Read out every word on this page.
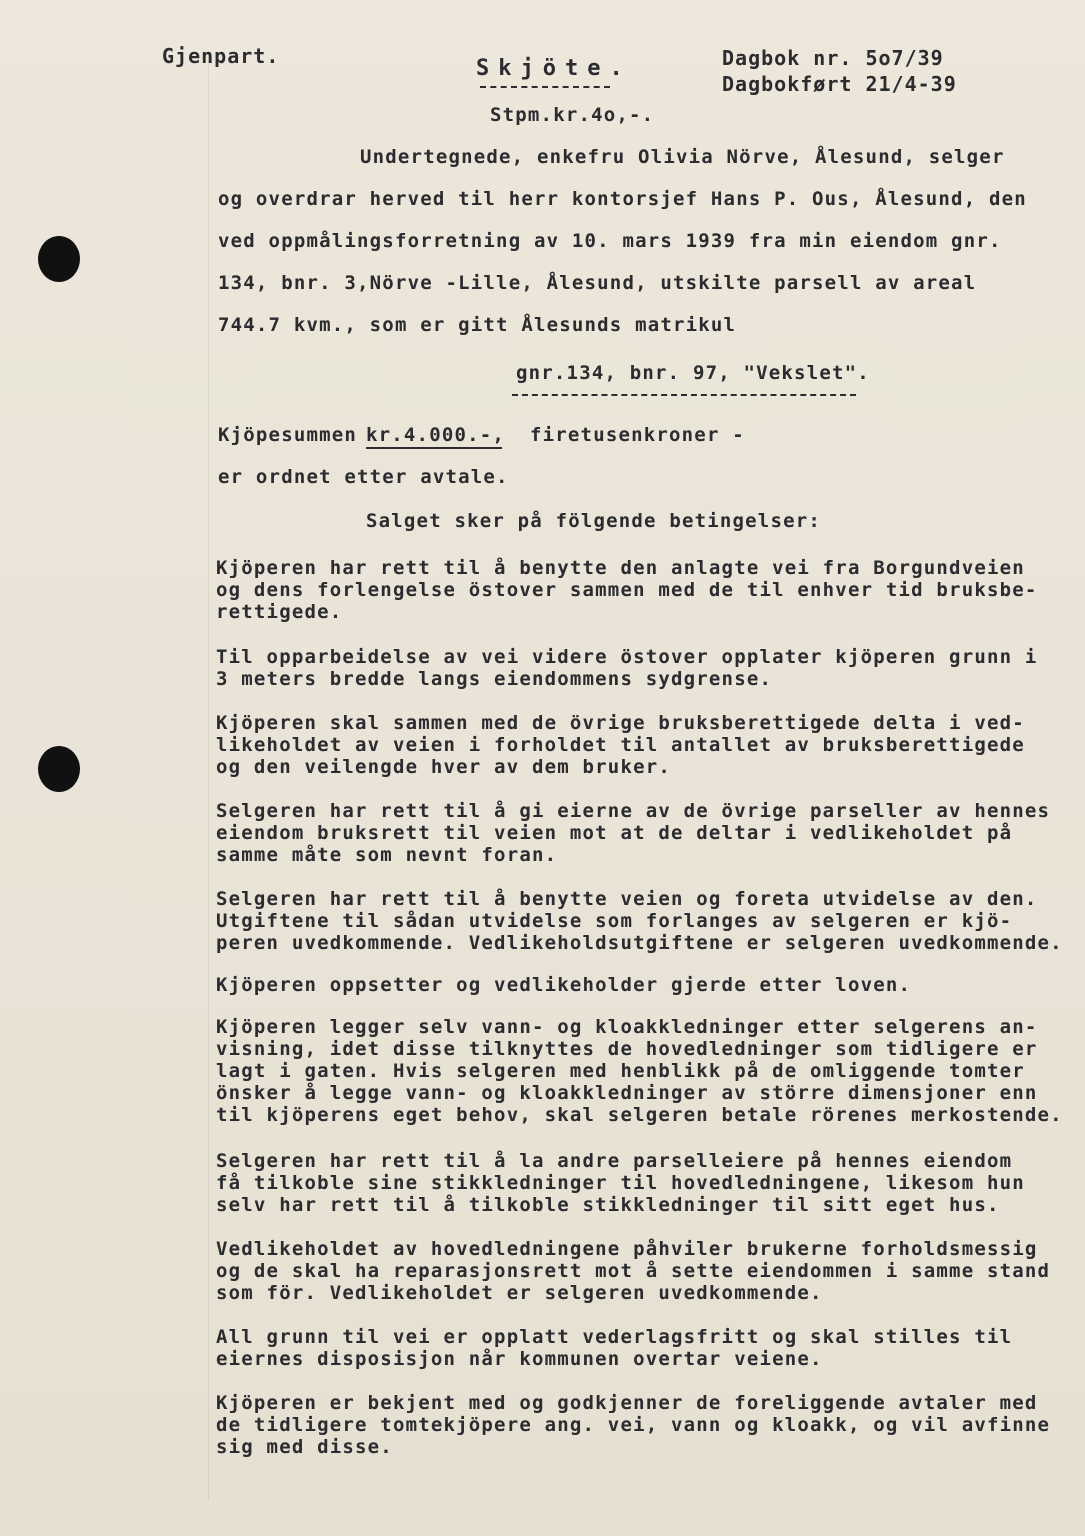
Gjenpart.	Skjöte.	Dagbok nr. 5o7/39
Dagbokført 21/4-39
Stpm.kr.4o,-.
Undertegnede, enkefru Olivia Nörve, Ålesund, selger
og overdrar herved til herr kontorsjef Hans P. Ous, Ålesund, den
ved oppmålingsforretning av 10. mars 1939 fra min eiendom gnr.
134, bnr. 3,Nörve -Lille, Ålesund, utskilte parsell av areal
744.7 kvm., som er gitt Ålesunds matrikul
gnr.134, bnr. 97, "Vekslet".
Kjöpesummen kr.4.000.-, firetusenkroner -
er ordnet etter avtale.
Salget sker på fölgende betingelser:
Kjöperen har rett til å benytte den anlagte vei fra Borgundveien
og dens forlengelse östover sammen med de til enhver tid bruksbe-
rettigede.
Til opparbeidelse av vei videre östover opplater kjöperen grunn i
3 meters bredde langs eiendommens sydgrense.
Kjöperen skal sammen med de övrige bruksberettigede delta i ved-
likeholdet av veien i forholdet til antallet av bruksberettigede
og den veilengde hver av dem bruker.
Selgeren har rett til å gi eierne av de övrige parseller av hennes
eiendom bruksrett til veien mot at de deltar i vedlikeholdet på
samme måte som nevnt foran.
Selgeren har rett til å benytte veien og foreta utvidelse av den.
Utgiftene til sådan utvidelse som forlanges av selgeren er kjö-
peren uvedkommende. Vedlikeholdsutgiftene er selgeren uvedkommende.
Kjöperen oppsetter og vedlikeholder gjerde etter loven.
Kjöperen legger selv vann- og kloakkledninger etter selgerens an-
visning, idet disse tilknyttes de hovedledninger som tidligere er
lagt i gaten. Hvis selgeren med henblikk på de omliggende tomter
önsker å legge vann- og kloakkledninger av större dimensjoner enn
til kjöperens eget behov, skal selgeren betale rörenes merkostende.
Selgeren har rett til å la andre parselleiere på hennes eiendom
få tilkoble sine stikkledninger til hovedledningene, likesom hun
selv har rett til å tilkoble stikkledninger til sitt eget hus.
Vedlikeholdet av hovedledningene påhviler brukerne forholdsmessig
og de skal ha reparasjonsrett mot å sette eiendommen i samme stand
som för. Vedlikeholdet er selgeren uvedkommende.
All grunn til vei er opplatt vederlagsfritt og skal stilles til
eiernes disposisjon når kommunen overtar veiene.
Kjöperen er bekjent med og godkjenner de foreliggende avtaler med
de tidligere tomtekjöpere ang. vei, vann og kloakk, og vil avfinne
sig med disse.
